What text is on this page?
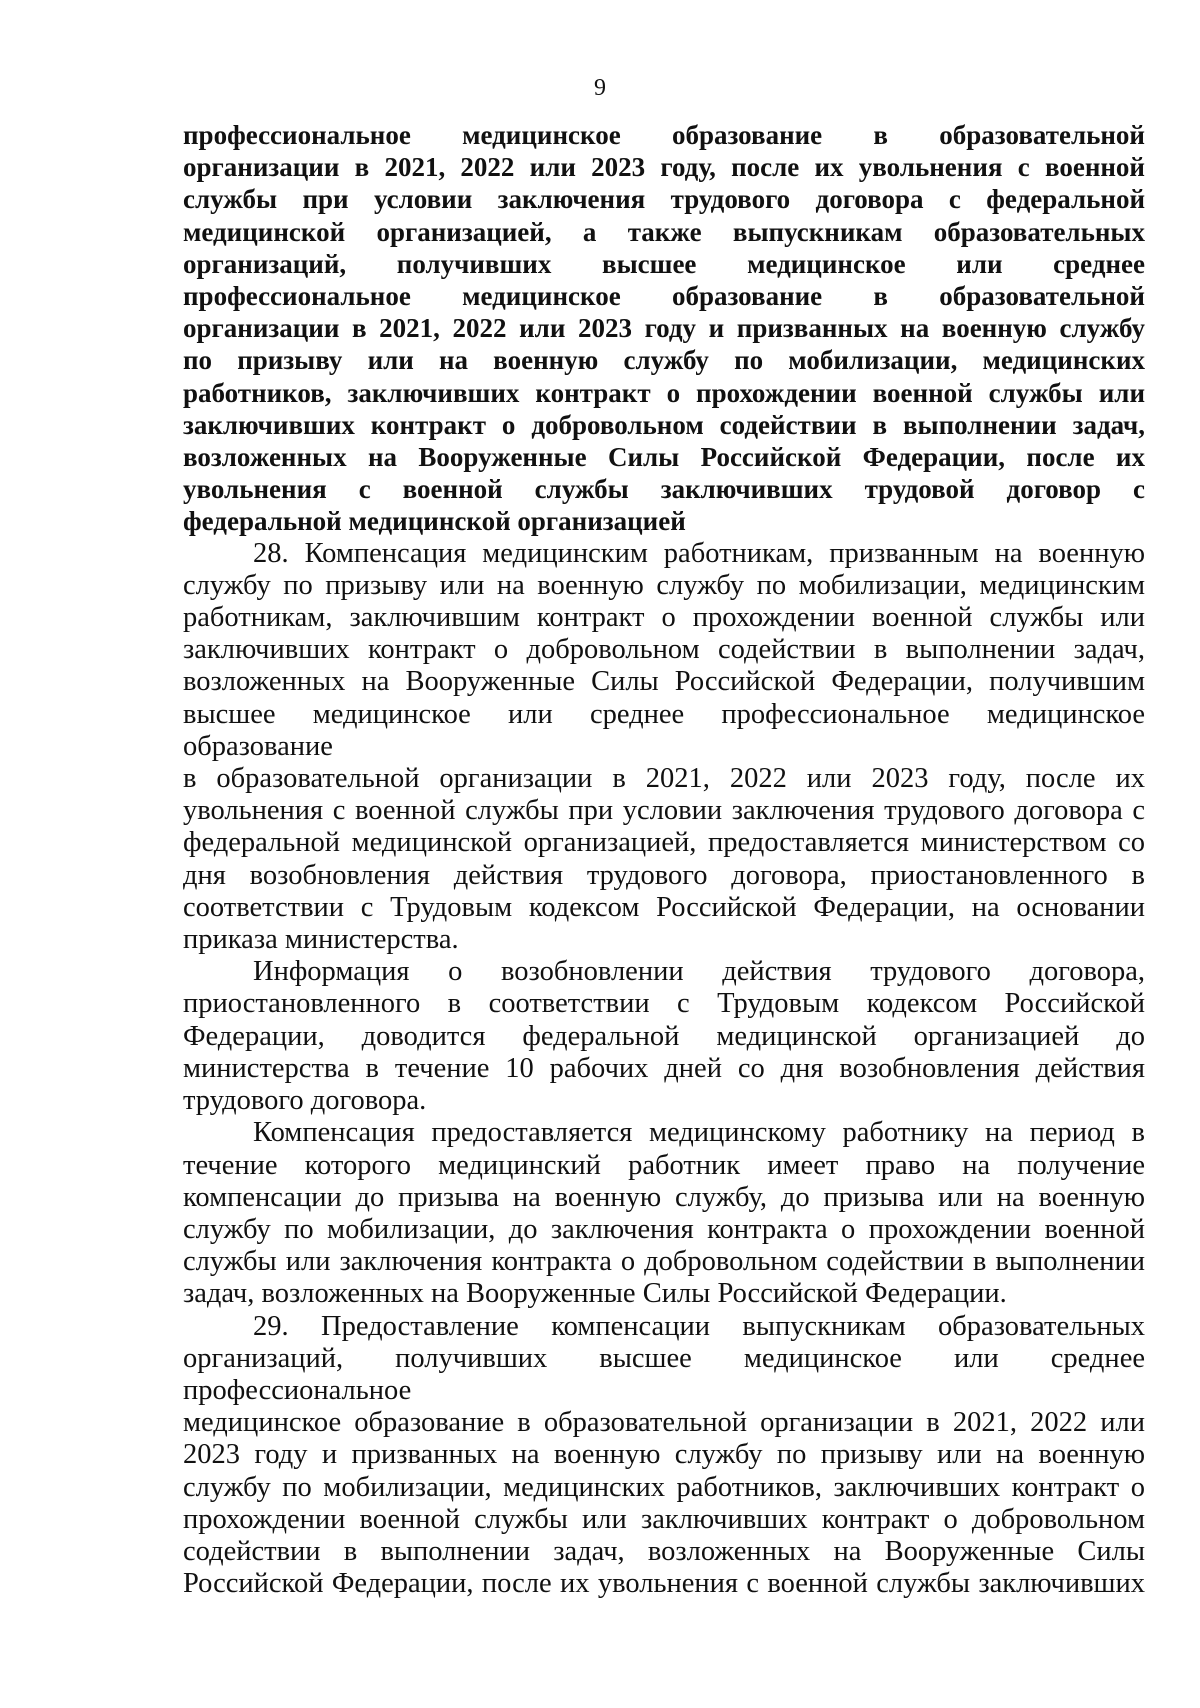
9

профессиональное медицинское образование в образовательной
организации в 2021, 2022 или 2023 году, после их увольнения с военной
службы при условии заключения трудового договора с федеральной
медицинской организацией, а также выпускникам образовательных
организаций, получивших высшее медицинское или среднее
профессиональное медицинское образование в образовательной
организации в 2021, 2022 или 2023 году и призванных на военную службу
по призыву или на военную службу по мобилизации, медицинских
работников, заключивших контракт о прохождении военной службы или
заключивших контракт о добровольном содействии в выполнении задач,
возложенных на Вооруженные Силы Российской Федерации, после их
увольнения с военной службы заключивших трудовой договор с
федеральной медицинской организацией

28. Компенсация медицинским работникам, призванным на военную
службу по призыву или на военную службу по мобилизации, медицинским
работникам, заключившим контракт о прохождении военной службы или
заключивших контракт о добровольном содействии в выполнении задач,
возложенных на Вооруженные Силы Российской Федерации, получившим
высшее медицинское или среднее профессиональное медицинское образование
в образовательной организации в 2021, 2022 или 2023 году, после их
увольнения с военной службы при условии заключения трудового договора с
федеральной медицинской организацией, предоставляется министерством со
дня возобновления действия трудового договора, приостановленного в
соответствии с Трудовым кодексом Российской Федерации, на основании
приказа министерства.

Информация о возобновлении действия трудового договора,
приостановленного в соответствии с Трудовым кодексом Российской
Федерации, доводится федеральной медицинской организацией до
министерства в течение 10 рабочих дней со дня возобновления действия
трудового договора.

Компенсация предоставляется медицинскому работнику на период в
течение которого медицинский работник имеет право на получение
компенсации до призыва на военную службу, до призыва или на военную
службу по мобилизации, до заключения контракта о прохождении военной
службы или заключения контракта о добровольном содействии в выполнении
задач, возложенных на Вооруженные Силы Российской Федерации.

29. Предоставление компенсации выпускникам образовательных
организаций, получивших высшее медицинское или среднее профессиональное
медицинское образование в образовательной организации в 2021, 2022 или
2023 году и призванных на военную службу по призыву или на военную
службу по мобилизации, медицинских работников, заключивших контракт о
прохождении военной службы или заключивших контракт о добровольном
содействии в выполнении задач, возложенных на Вооруженные Силы
Российской Федерации, после их увольнения с военной службы заключивших
